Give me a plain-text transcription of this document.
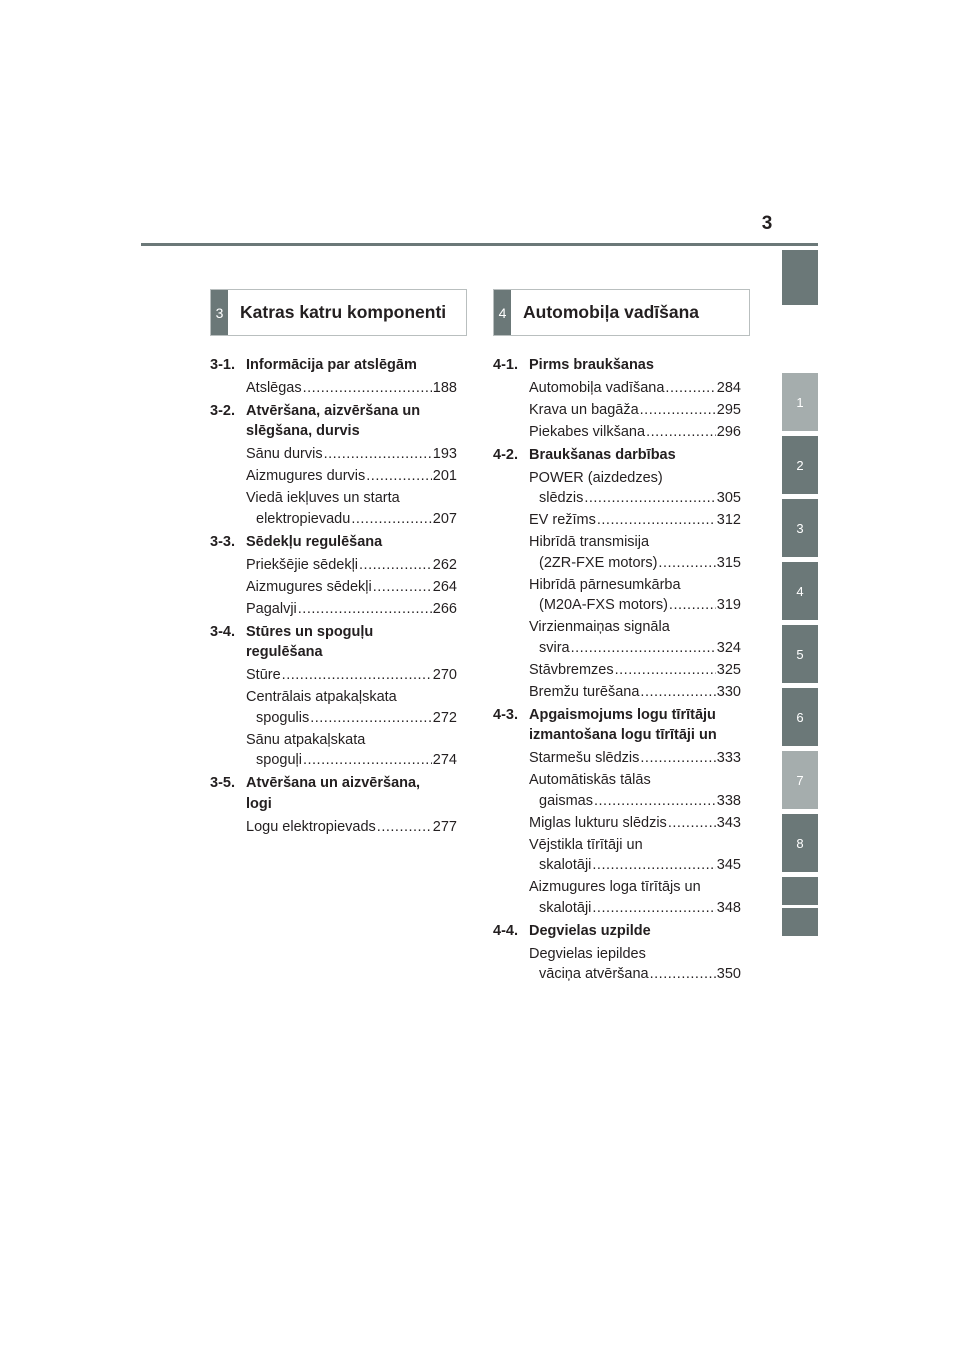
3
1
2
3
4
5
6
7
8
3 Katras katru komponenti	4 Automobiļa vadīšana
3-1. Informācija par atslēgām
Atslēgas .....	188
3-2. Atvēršana, aizvēršana un
slēgšana, durvis
Sānu durvis .....	193
Aizmugures durvis .....	201
Viedā iekļuves un starta
elektropievadu .....	207
3-3. Sēdekļu regulēšana
Priekšējie sēdekļi .....	262
Aizmugures sēdekļi .....	264
Pagalvji .....	266
3-4. Stūres un spoguļu
regulēšana
Stūre .....	270
Centrālais atpakaļskata
spogulis .....	272
Sānu atpakaļskata
spoguļi .....	274
3-5. Atvēršana un aizvēršana,
logi
Logu elektropievads .....	277
4-1. Pirms braukšanas
Automobiļa vadīšana .....	284
Krava un bagāža .....	295
Piekabes vilkšana .....	296
4-2. Braukšanas darbības
POWER (aizdedzes)
slēdzis .....	305
EV režīms .....	312
Hibrīdā transmisija
(2ZR-FXE motors) .....	315
Hibrīdā pārnesumkārba
(M20A-FXS motors) .....	319
Virzienmaiņas signāla
svira .....	324
Stāvbremzes .....	325
Bremžu turēšana .....	330
4-3. Apgaismojums logu tīrītāju
izmantošana logu tīrītāji un
Starmešu slēdzis .....	333
Automātiskās tālās
gaismas .....	338
Miglas lukturu slēdzis .....	343
Vējstikla tīrītāji un
skalotāji .....	345
Aizmugures loga tīrītājs un
skalotāji .....	348
4-4. Degvielas uzpilde
Degvielas iepildes
vāciņa atvēršana .....	350
